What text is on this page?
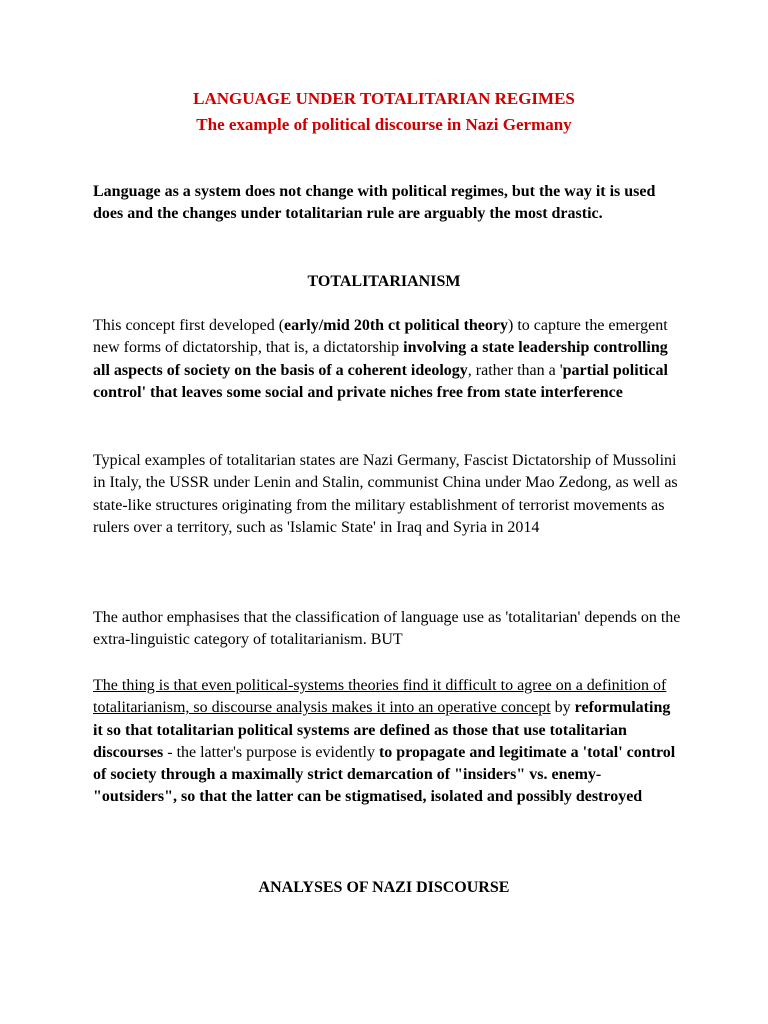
LANGUAGE UNDER TOTALITARIAN REGIMES
The example of political discourse in Nazi Germany

Language as a system does not change with political regimes, but the way it is used does and the changes under totalitarian rule are arguably the most drastic.

TOTALITARIANISM

This concept first developed (early/mid 20th ct political theory) to capture the emergent new forms of dictatorship, that is, a dictatorship involving a state leadership controlling all aspects of society on the basis of a coherent ideology, rather than a 'partial political control' that leaves some social and private niches free from state interference

Typical examples of totalitarian states are Nazi Germany, Fascist Dictatorship of Mussolini in Italy, the USSR under Lenin and Stalin, communist China under Mao Zedong, as well as state-like structures originating from the military establishment of terrorist movements as rulers over a territory, such as 'Islamic State' in Iraq and Syria in 2014

The author emphasises that the classification of language use as 'totalitarian' depends on the extra-linguistic category of totalitarianism. BUT

The thing is that even political-systems theories find it difficult to agree on a definition of totalitarianism, so discourse analysis makes it into an operative concept by reformulating it so that totalitarian political systems are defined as those that use totalitarian discourses - the latter's purpose is evidently to propagate and legitimate a 'total' control of society through a maximally strict demarcation of "insiders" vs. enemy-"outsiders", so that the latter can be stigmatised, isolated and possibly destroyed

ANALYSES OF NAZI DISCOURSE
